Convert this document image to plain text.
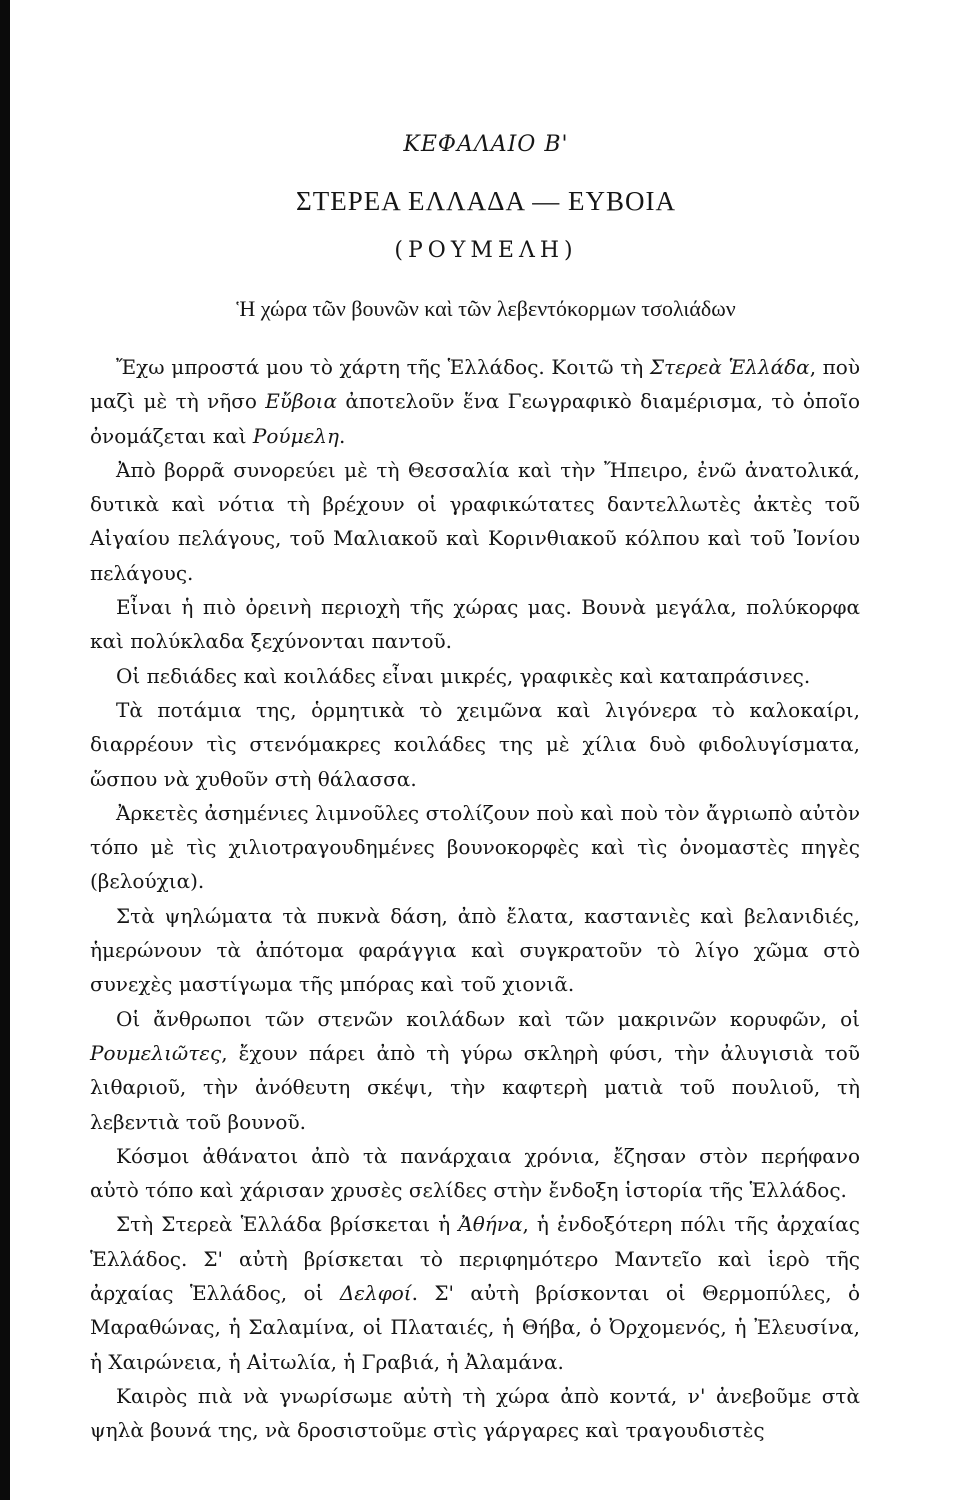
ΚΕΦΑΛΑΙΟ Β'
ΣΤΕΡΕΑ ΕΛΛΑΔΑ — ΕΥΒΟΙΑ
(ΡΟΥΜΕΛΗ)
Ἡ χώρα τῶν βουνῶν καὶ τῶν λεβεντόκορμων τσολιάδων

Ἔχω μπροστά μου τὸ χάρτη τῆς Ἑλλάδος. Κοιτῶ τὴ Στερεὰ Ἑλλάδα, ποὺ μαζὶ μὲ τὴ νῆσο Εὔβοια ἀποτελοῦν ἕνα Γεωγραφικὸ διαμέρισμα, τὸ ὁποῖο ὀνομάζεται καὶ Ρούμελη.

Ἀπὸ βορρᾶ συνορεύει μὲ τὴ Θεσσαλία καὶ τὴν Ἤπειρο, ἐνῶ ἀνατολικά, δυτικὰ καὶ νότια τὴ βρέχουν οἱ γραφικώτατες δαντελλωτὲς ἀκτὲς τοῦ Αἰγαίου πελάγους, τοῦ Μαλιακοῦ καὶ Κορινθιακοῦ κόλπου καὶ τοῦ Ἰονίου πελάγους.

Εἶναι ἡ πιὸ ὀρεινὴ περιοχὴ τῆς χώρας μας. Βουνὰ μεγάλα, πολύκορφα καὶ πολύκλαδα ξεχύνονται παντοῦ.

Οἱ πεδιάδες καὶ κοιλάδες εἶναι μικρές, γραφικὲς καὶ καταπράσινες.

Τὰ ποτάμια της, ὁρμητικὰ τὸ χειμῶνα καὶ λιγόνερα τὸ καλοκαίρι, διαρρέουν τὶς στενόμακρες κοιλάδες της μὲ χίλια δυὸ φιδολυγίσματα, ὥσπου νὰ χυθοῦν στὴ θάλασσα.

Ἀρκετὲς ἀσημένιες λιμνοῦλες στολίζουν ποὺ καὶ ποὺ τὸν ἄγριωπὸ αὐτὸν τόπο μὲ τὶς χιλιοτραγουδημένες βουνοκορφὲς καὶ τὶς ὀνομαστὲς πηγὲς (βελούχια).

Στὰ ψηλώματα τὰ πυκνὰ δάση, ἀπὸ ἔλατα, καστανιὲς καὶ βελανιδιές, ἡμερώνουν τὰ ἀπότομα φαράγγια καὶ συγκρατοῦν τὸ λίγο χῶμα στὸ συνεχὲς μαστίγωμα τῆς μπόρας καὶ τοῦ χιονιᾶ.

Οἱ ἄνθρωποι τῶν στενῶν κοιλάδων καὶ τῶν μακρινῶν κορυφῶν, οἱ Ρουμελιῶτες, ἔχουν πάρει ἀπὸ τὴ γύρω σκληρὴ φύσι, τὴν ἀλυγισιὰ τοῦ λιθαριοῦ, τὴν ἀνόθευτη σκέψι, τὴν καφτερὴ ματιὰ τοῦ πουλιοῦ, τὴ λεβεντιὰ τοῦ βουνοῦ.

Κόσμοι ἀθάνατοι ἀπὸ τὰ πανάρχαια χρόνια, ἔζησαν στὸν περήφανο αὐτὸ τόπο καὶ χάρισαν χρυσὲς σελίδες στὴν ἔνδοξη ἱστορία τῆς Ἑλλάδος.

Στὴ Στερεὰ Ἑλλάδα βρίσκεται ἡ Ἀθήνα, ἡ ἐνδοξότερη πόλι τῆς ἀρχαίας Ἑλλάδος. Σ' αὐτὴ βρίσκεται τὸ περιφημότερο Μαντεῖο καὶ ἱερὸ τῆς ἀρχαίας Ἑλλάδος, οἱ Δελφοί. Σ' αὐτὴ βρίσκονται οἱ Θερμοπύλες, ὁ Μαραθώνας, ἡ Σαλαμίνα, οἱ Πλαταιές, ἡ Θήβα, ὁ Ὀρχομενός, ἡ Ἐλευσίνα, ἡ Χαιρώνεια, ἡ Αἰτωλία, ἡ Γραβιά, ἡ Ἀλαμάνα.

Καιρὸς πιὰ νὰ γνωρίσωμε αὐτὴ τὴ χώρα ἀπὸ κοντά, ν' ἀνεβοῦμε στὰ ψηλὰ βουνά της, νὰ δροσιστοῦμε στὶς γάργαρες καὶ τραγουδιστὲς
